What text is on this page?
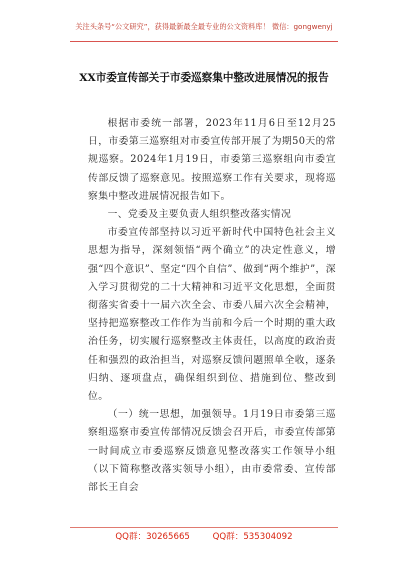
关注头条号“公文研究”，获得最新最全最专业的公文资料库！ 微信：gongwenyj
XX市委宣传部关于市委巡察集中整改进展情况的报告

根据市委统一部署，2023年11月6日至12月25日，市委第三巡察组对市委宣传部开展了为期50天的常规巡察。2024年1月19日，市委第三巡察组向市委宣传部反馈了巡察意见。按照巡察工作有关要求，现将巡察集中整改进展情况报告如下。

一、党委及主要负责人组织整改落实情况

市委宣传部坚持以习近平新时代中国特色社会主义思想为指导，深刻领悟“两个确立”的决定性意义，增强“四个意识”、坚定“四个自信”、做到“两个维护”，深入学习贯彻党的二十大精神和习近平文化思想，全面贯彻落实省委十一届六次全会、市委八届六次全会精神，坚持把巡察整改工作作为当前和今后一个时期的重大政治任务，切实履行巡察整改主体责任，以高度的政治责任和强烈的政治担当，对巡察反馈问题照单全收，逐条归纳、逐项盘点，确保组织到位、措施到位、整改到位。

（一）统一思想，加强领导。1月19日市委第三巡察组巡察市委宣传部情况反馈会召开后，市委宣传部第一时间成立市委巡察反馈意见整改落实工作领导小组（以下简称整改落实领导小组），由市委常委、宣传部部长王自会

QQ群：30265665	QQ群：535304092
